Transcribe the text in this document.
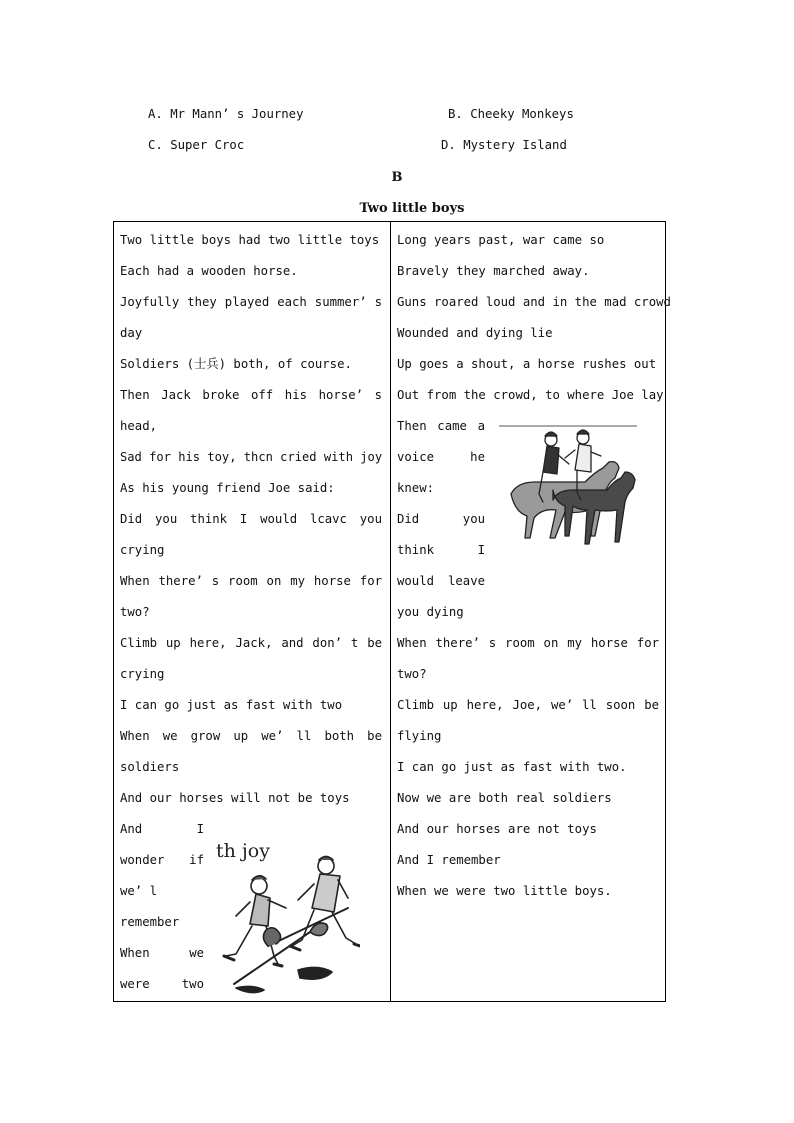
A. Mr Mann’ s Journey	B. Cheeky Monkeys
C. Super Croc	D. Mystery Island
B
Two little boys
Two little boys had two little toys
Each had a wooden horse.
Joyfully they played each summer’ s
day
Soldiers (士兵) both, of course.
Then Jack broke off his horse’ s
head,
Sad for his toy, thcn cried with joy
As his young friend Joe said:
Did you think I would lcavc you
crying
When there’ s room on my horse for
two?
Climb up here, Jack, and don’ t be
crying
I can go just as fast with two
When we grow up we’ ll both be
soldiers
And our horses will not be toys
And I
wonder if
we’ l
remember
When we
were two
th joy
Long years past, war came so
Bravely they marched away.
Guns roared loud and in the mad crowd
Wounded and dying lie
Up goes a shout, a horse rushes out
Out from the crowd, to where Joe lay
Then came a
voice he
knew:
Did you
think I
would leave
you dying
When there’ s room on my horse for
two?
Climb up here, Joe, we’ ll soon be
flying
I can go just as fast with two.
Now we are both real soldiers
And our horses are not toys
And I remember
When we were two little boys.
